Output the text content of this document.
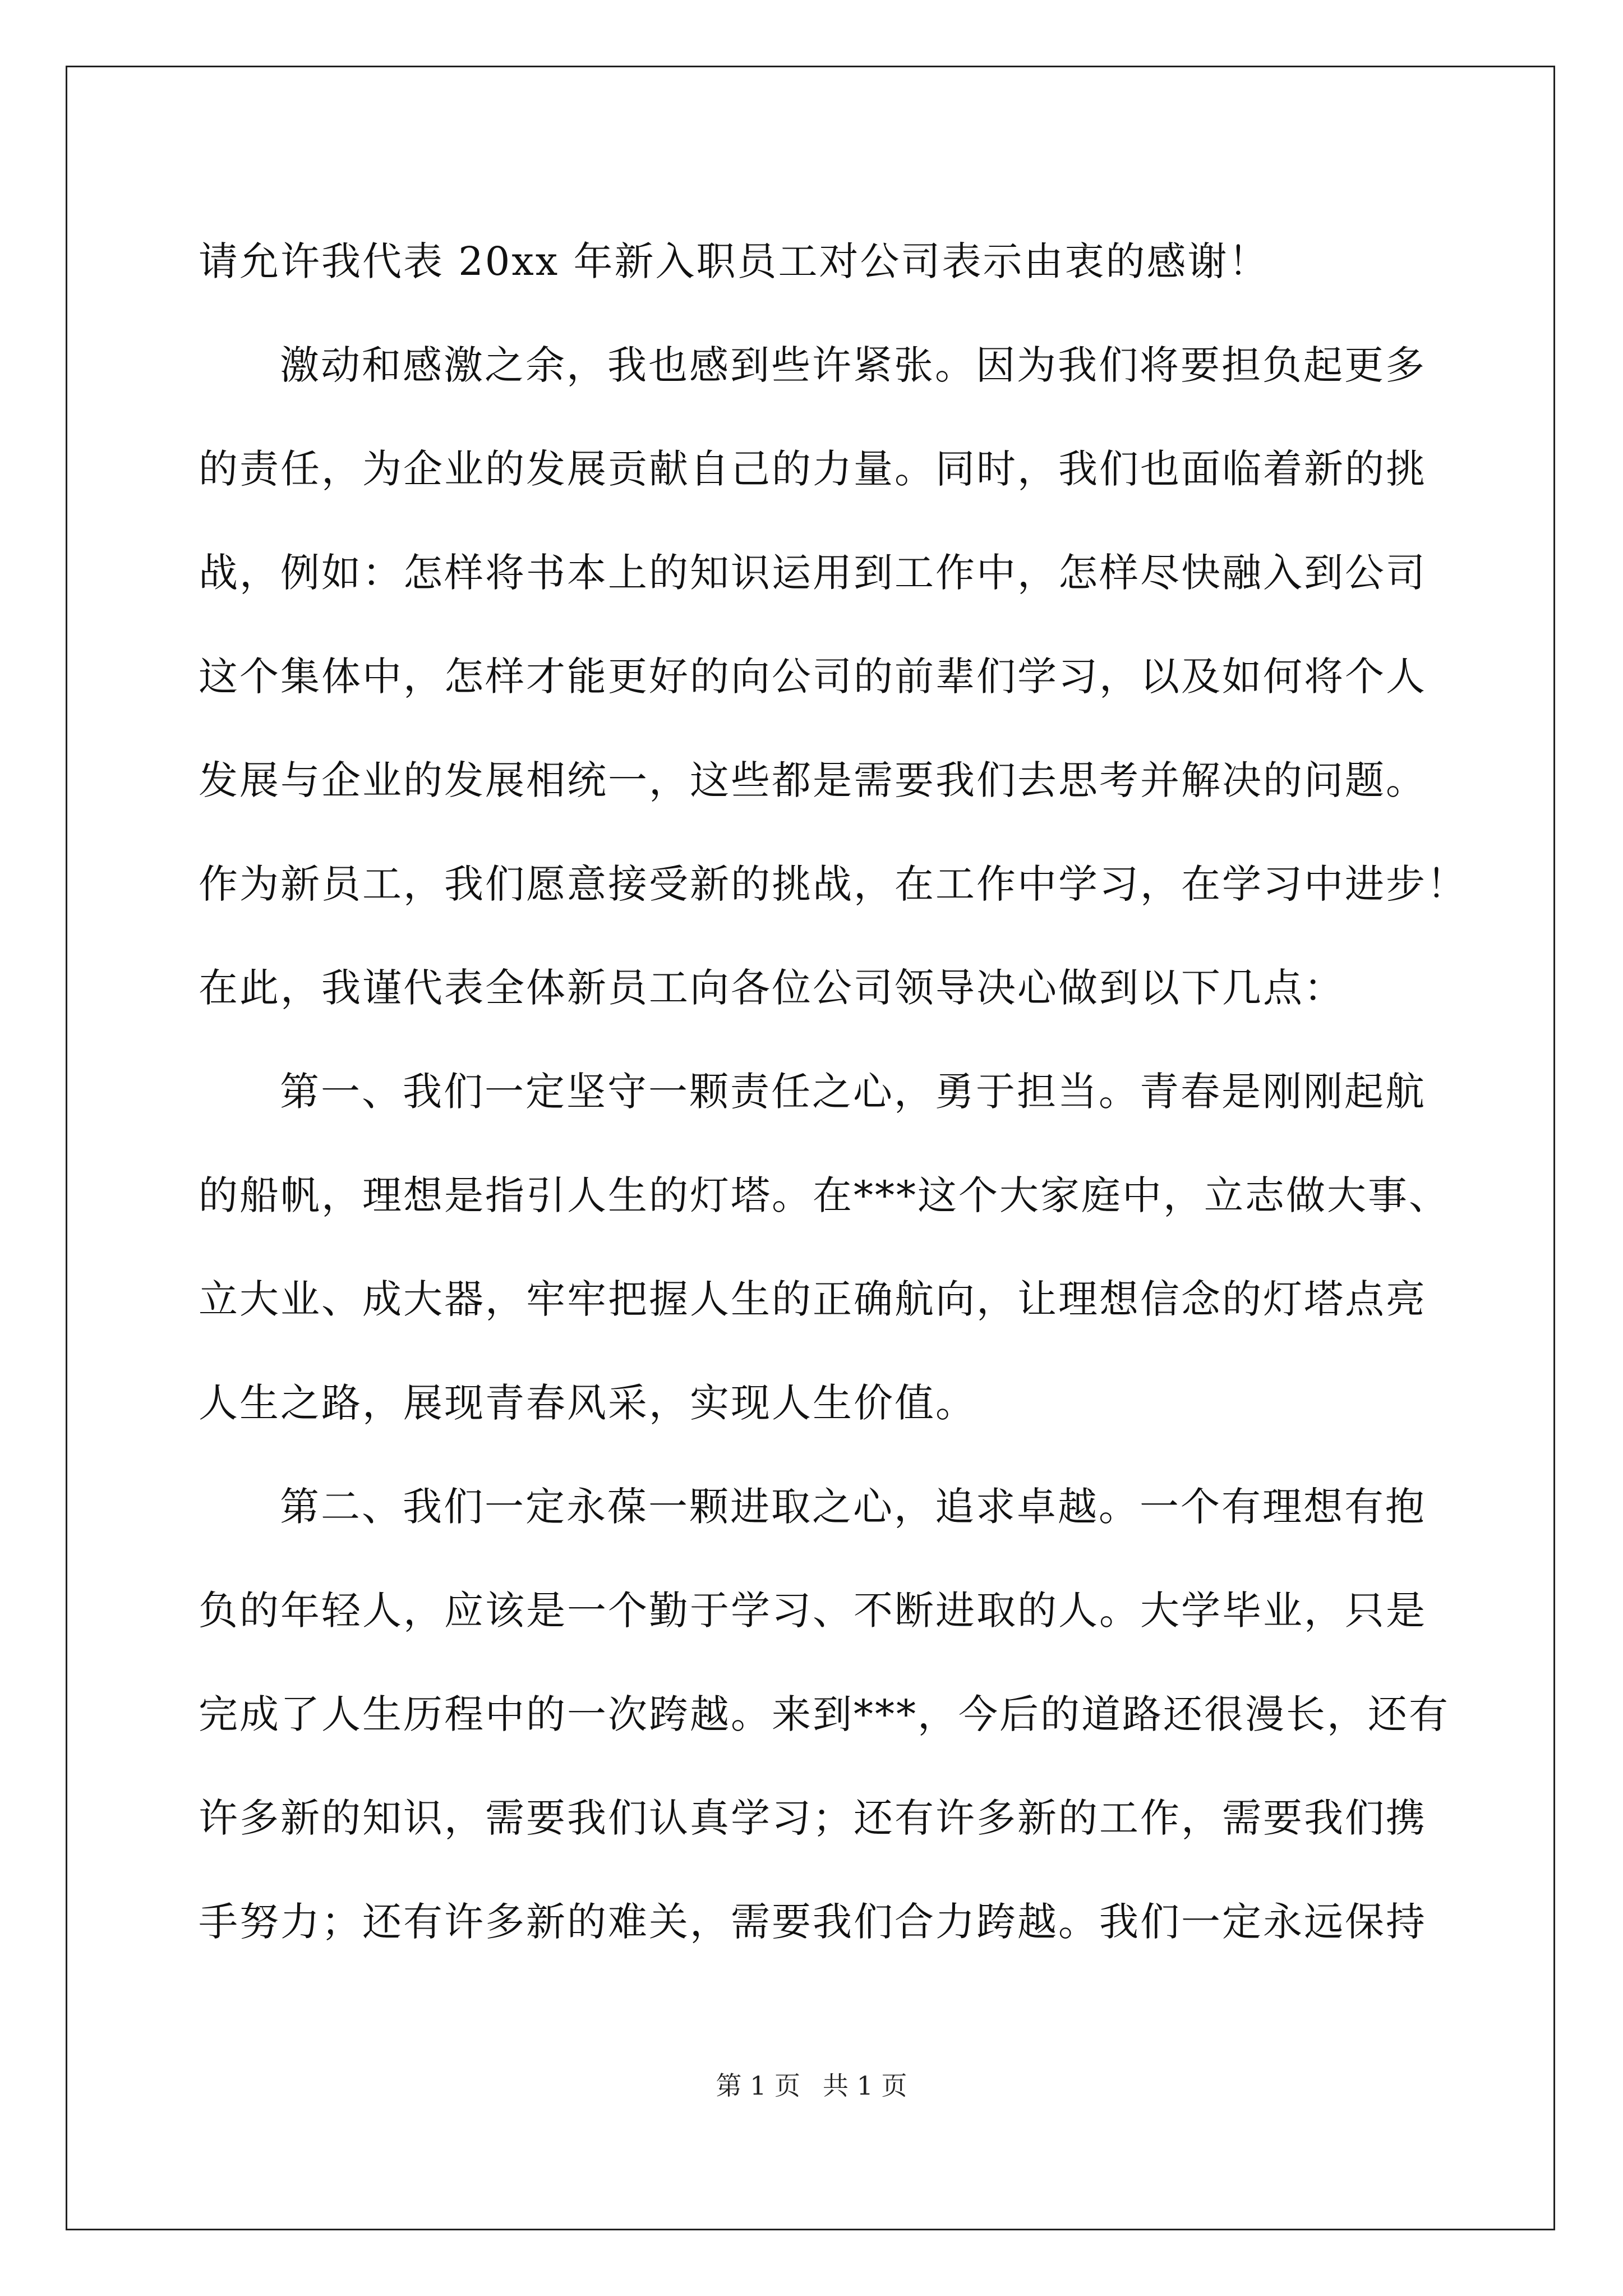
请允许我代表 20xx 年新入职员工对公司表示由衷的感谢！
激动和感激之余，我也感到些许紧张。因为我们将要担负起更多
的责任，为企业的发展贡献自己的力量。同时，我们也面临着新的挑
战，例如：怎样将书本上的知识运用到工作中，怎样尽快融入到公司
这个集体中，怎样才能更好的向公司的前辈们学习，以及如何将个人
发展与企业的发展相统一，这些都是需要我们去思考并解决的问题。
作为新员工，我们愿意接受新的挑战，在工作中学习，在学习中进步！
在此，我谨代表全体新员工向各位公司领导决心做到以下几点：
第一、我们一定坚守一颗责任之心，勇于担当。青春是刚刚起航
的船帆，理想是指引人生的灯塔。在***这个大家庭中，立志做大事、
立大业、成大器，牢牢把握人生的正确航向，让理想信念的灯塔点亮
人生之路，展现青春风采，实现人生价值。
第二、我们一定永葆一颗进取之心，追求卓越。一个有理想有抱
负的年轻人，应该是一个勤于学习、不断进取的人。大学毕业，只是
完成了人生历程中的一次跨越。来到***，今后的道路还很漫长，还有
许多新的知识，需要我们认真学习；还有许多新的工作，需要我们携
手努力；还有许多新的难关，需要我们合力跨越。我们一定永远保持
第 1 页 共 1 页
